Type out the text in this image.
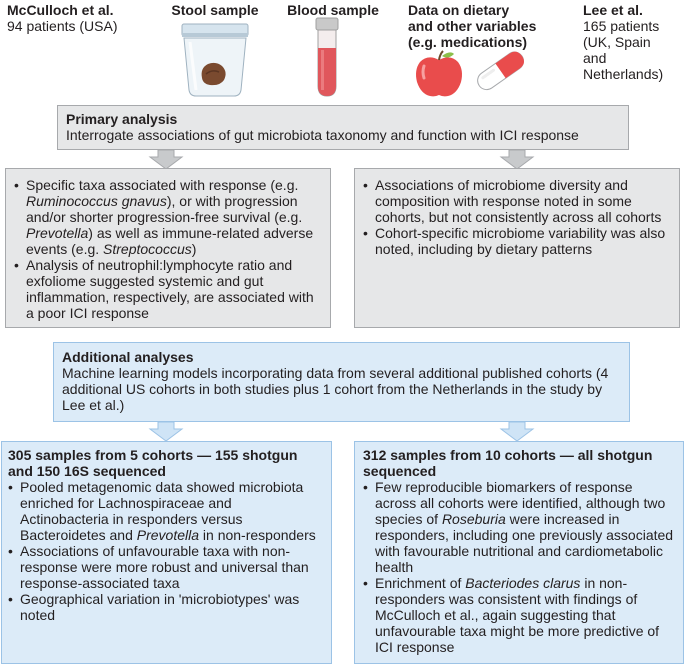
McCulloch et al.
94 patients (USA)
Stool sample	Blood sample	Data on dietary
and other variables
(e.g. medications)
Lee et al.
165 patients
(UK, Spain
and
Netherlands)
Primary analysis
Interrogate associations of gut microbiota taxonomy and function with ICI response
• Specific taxa associated with response (e.g. Ruminococcus gnavus), or with progression and/or shorter progression-free survival (e.g. Prevotella) as well as immune-related adverse events (e.g. Streptococcus)
• Analysis of neutrophil:lymphocyte ratio and exfoliome suggested systemic and gut inflammation, respectively, are associated with a poor ICI response
• Associations of microbiome diversity and composition with response noted in some cohorts, but not consistently across all cohorts
• Cohort-specific microbiome variability was also noted, including by dietary patterns
Additional analyses
Machine learning models incorporating data from several additional published cohorts (4 additional US cohorts in both studies plus 1 cohort from the Netherlands in the study by Lee et al.)
305 samples from 5 cohorts — 155 shotgun and 150 16S sequenced
• Pooled metagenomic data showed microbiota enriched for Lachnospiraceae and Actinobacteria in responders versus Bacteroidetes and Prevotella in non-responders
• Associations of unfavourable taxa with non-response were more robust and universal than response-associated taxa
• Geographical variation in 'microbiotypes' was noted
312 samples from 10 cohorts — all shotgun sequenced
• Few reproducible biomarkers of response across all cohorts were identified, although two species of Roseburia were increased in responders, including one previously associated with favourable nutritional and cardiometabolic health
• Enrichment of Bacteriodes clarus in non-responders was consistent with findings of McCulloch et al., again suggesting that unfavourable taxa might be more predictive of ICI response
